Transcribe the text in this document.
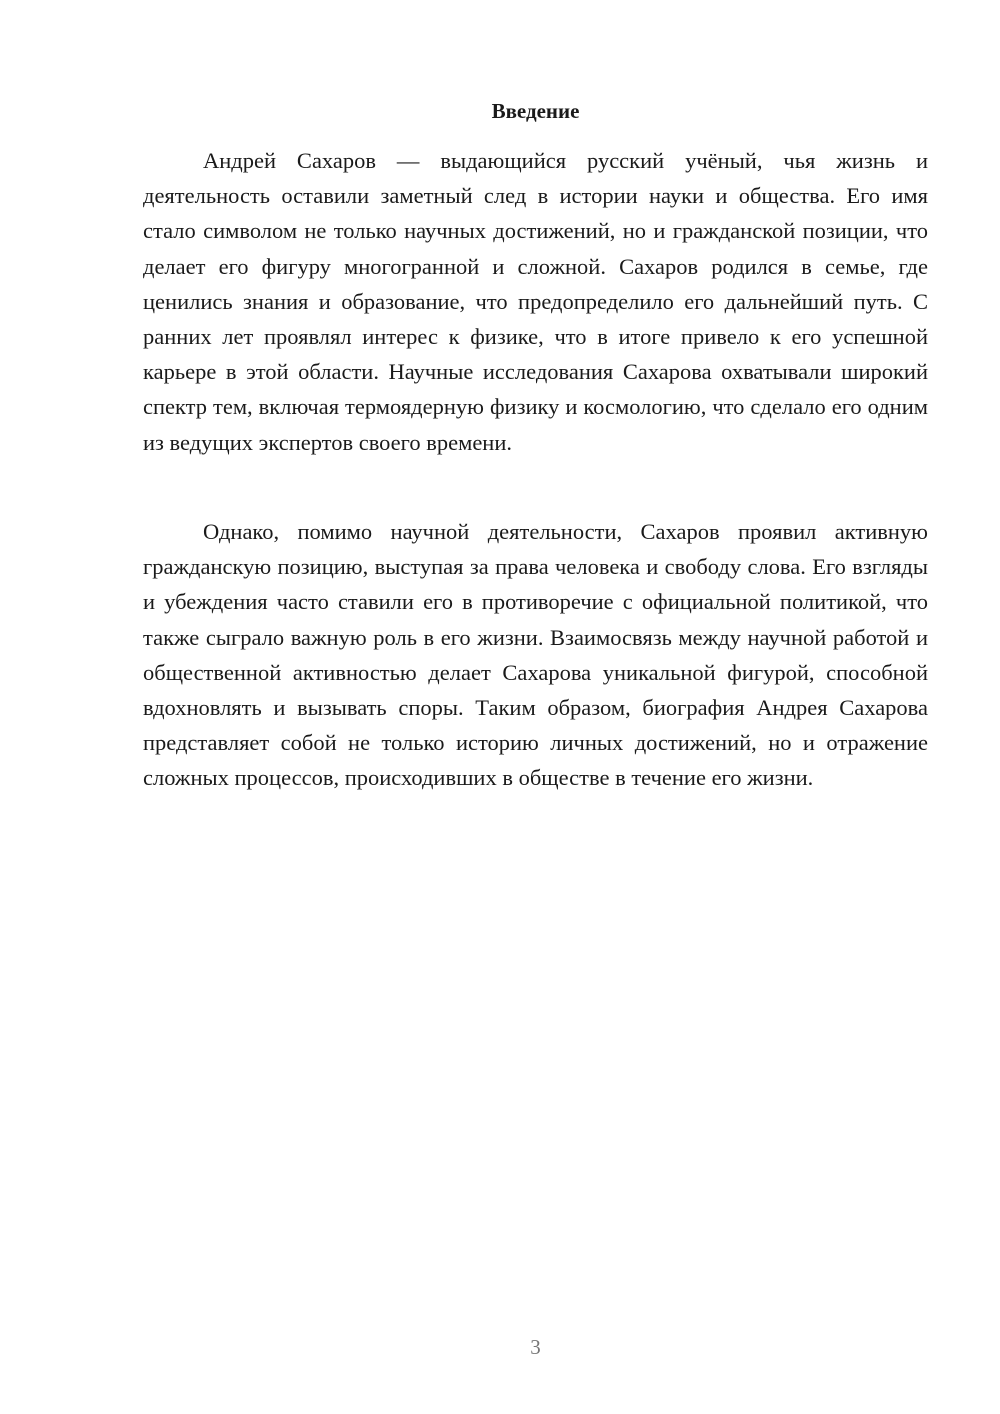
Введение

Андрей Сахаров — выдающийся русский учёный, чья жизнь и деятельность оставили заметный след в истории науки и общества. Его имя стало символом не только научных достижений, но и гражданской позиции, что делает его фигуру многогранной и сложной. Сахаров родился в семье, где ценились знания и образование, что предопределило его дальнейший путь. С ранних лет проявлял интерес к физике, что в итоге привело к его успешной карьере в этой области. Научные исследования Сахарова охватывали широкий спектр тем, включая термоядерную физику и космологию, что сделало его одним из ведущих экспертов своего времени.

Однако, помимо научной деятельности, Сахаров проявил активную гражданскую позицию, выступая за права человека и свободу слова. Его взгляды и убеждения часто ставили его в противоречие с официальной политикой, что также сыграло важную роль в его жизни. Взаимосвязь между научной работой и общественной активностью делает Сахарова уникальной фигурой, способной вдохновлять и вызывать споры. Таким образом, биография Андрея Сахарова представляет собой не только историю личных достижений, но и отражение сложных процессов, происходивших в обществе в течение его жизни.

3
